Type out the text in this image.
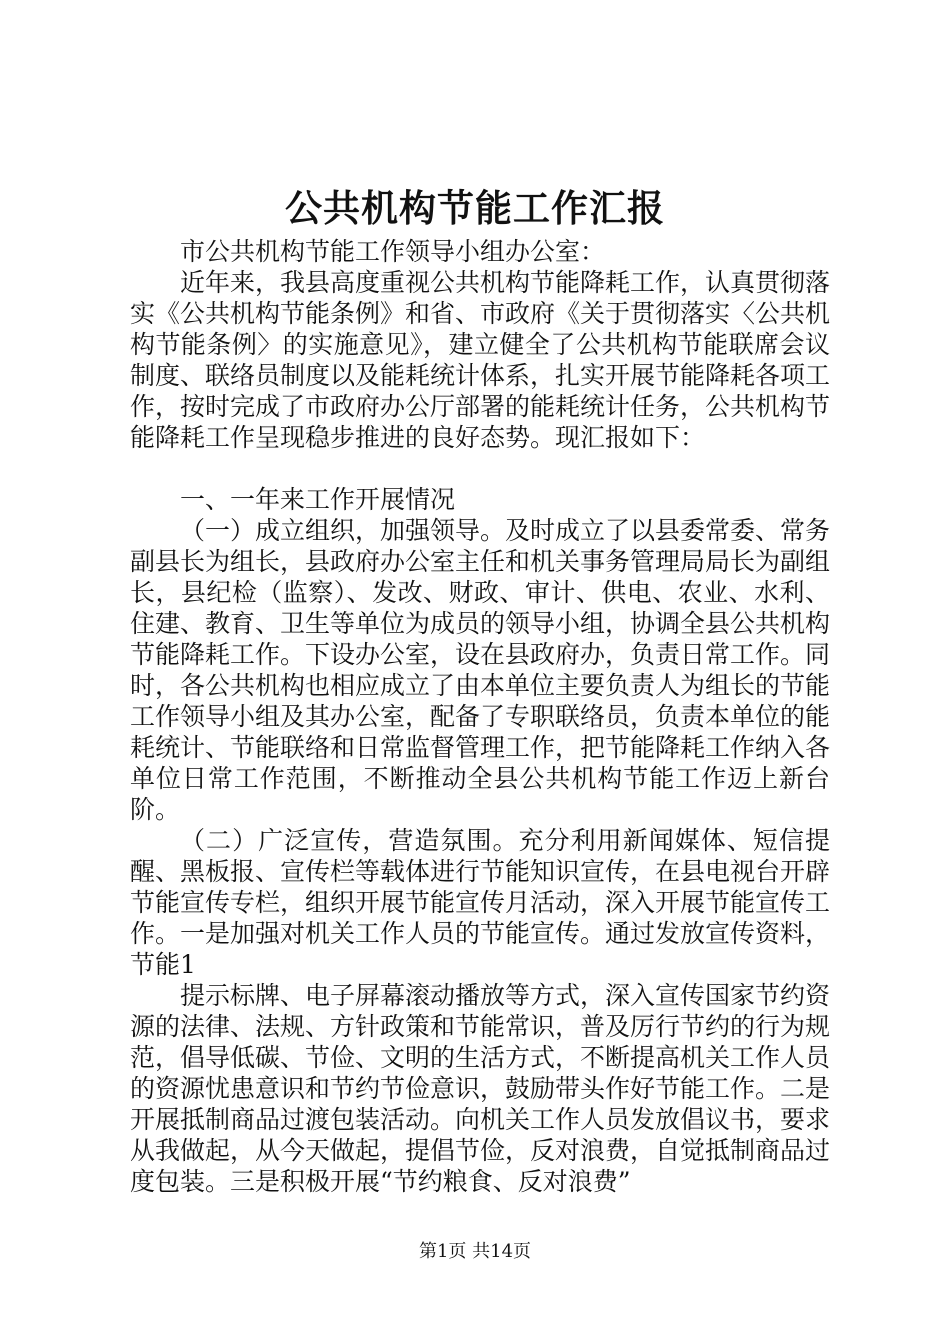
公共机构节能工作汇报

市公共机构节能工作领导小组办公室：

近年来，我县高度重视公共机构节能降耗工作，认真贯彻落实《公共机构节能条例》和省、市政府《关于贯彻落实〈公共机构节能条例〉的实施意见》，建立健全了公共机构节能联席会议制度、联络员制度以及能耗统计体系，扎实开展节能降耗各项工作，按时完成了市政府办公厅部署的能耗统计任务，公共机构节能降耗工作呈现稳步推进的良好态势。现汇报如下：

一、一年来工作开展情况

（一）成立组织，加强领导。及时成立了以县委常委、常务副县长为组长，县政府办公室主任和机关事务管理局局长为副组长，县纪检（监察）、发改、财政、审计、供电、农业、水利、住建、教育、卫生等单位为成员的领导小组，协调全县公共机构节能降耗工作。下设办公室，设在县政府办，负责日常工作。同时，各公共机构也相应成立了由本单位主要负责人为组长的节能工作领导小组及其办公室，配备了专职联络员，负责本单位的能耗统计、节能联络和日常监督管理工作，把节能降耗工作纳入各单位日常工作范围，不断推动全县公共机构节能工作迈上新台阶。

（二）广泛宣传，营造氛围。充分利用新闻媒体、短信提醒、黑板报、宣传栏等载体进行节能知识宣传，在县电视台开辟节能宣传专栏，组织开展节能宣传月活动，深入开展节能宣传工作。一是加强对机关工作人员的节能宣传。通过发放宣传资料，节能1

提示标牌、电子屏幕滚动播放等方式，深入宣传国家节约资源的法律、法规、方针政策和节能常识，普及厉行节约的行为规范，倡导低碳、节俭、文明的生活方式，不断提高机关工作人员的资源忧患意识和节约节俭意识，鼓励带头作好节能工作。二是开展抵制商品过渡包装活动。向机关工作人员发放倡议书，要求从我做起，从今天做起，提倡节俭，反对浪费，自觉抵制商品过度包装。三是积极开展“节约粮食、反对浪费”

第1页 共14页
